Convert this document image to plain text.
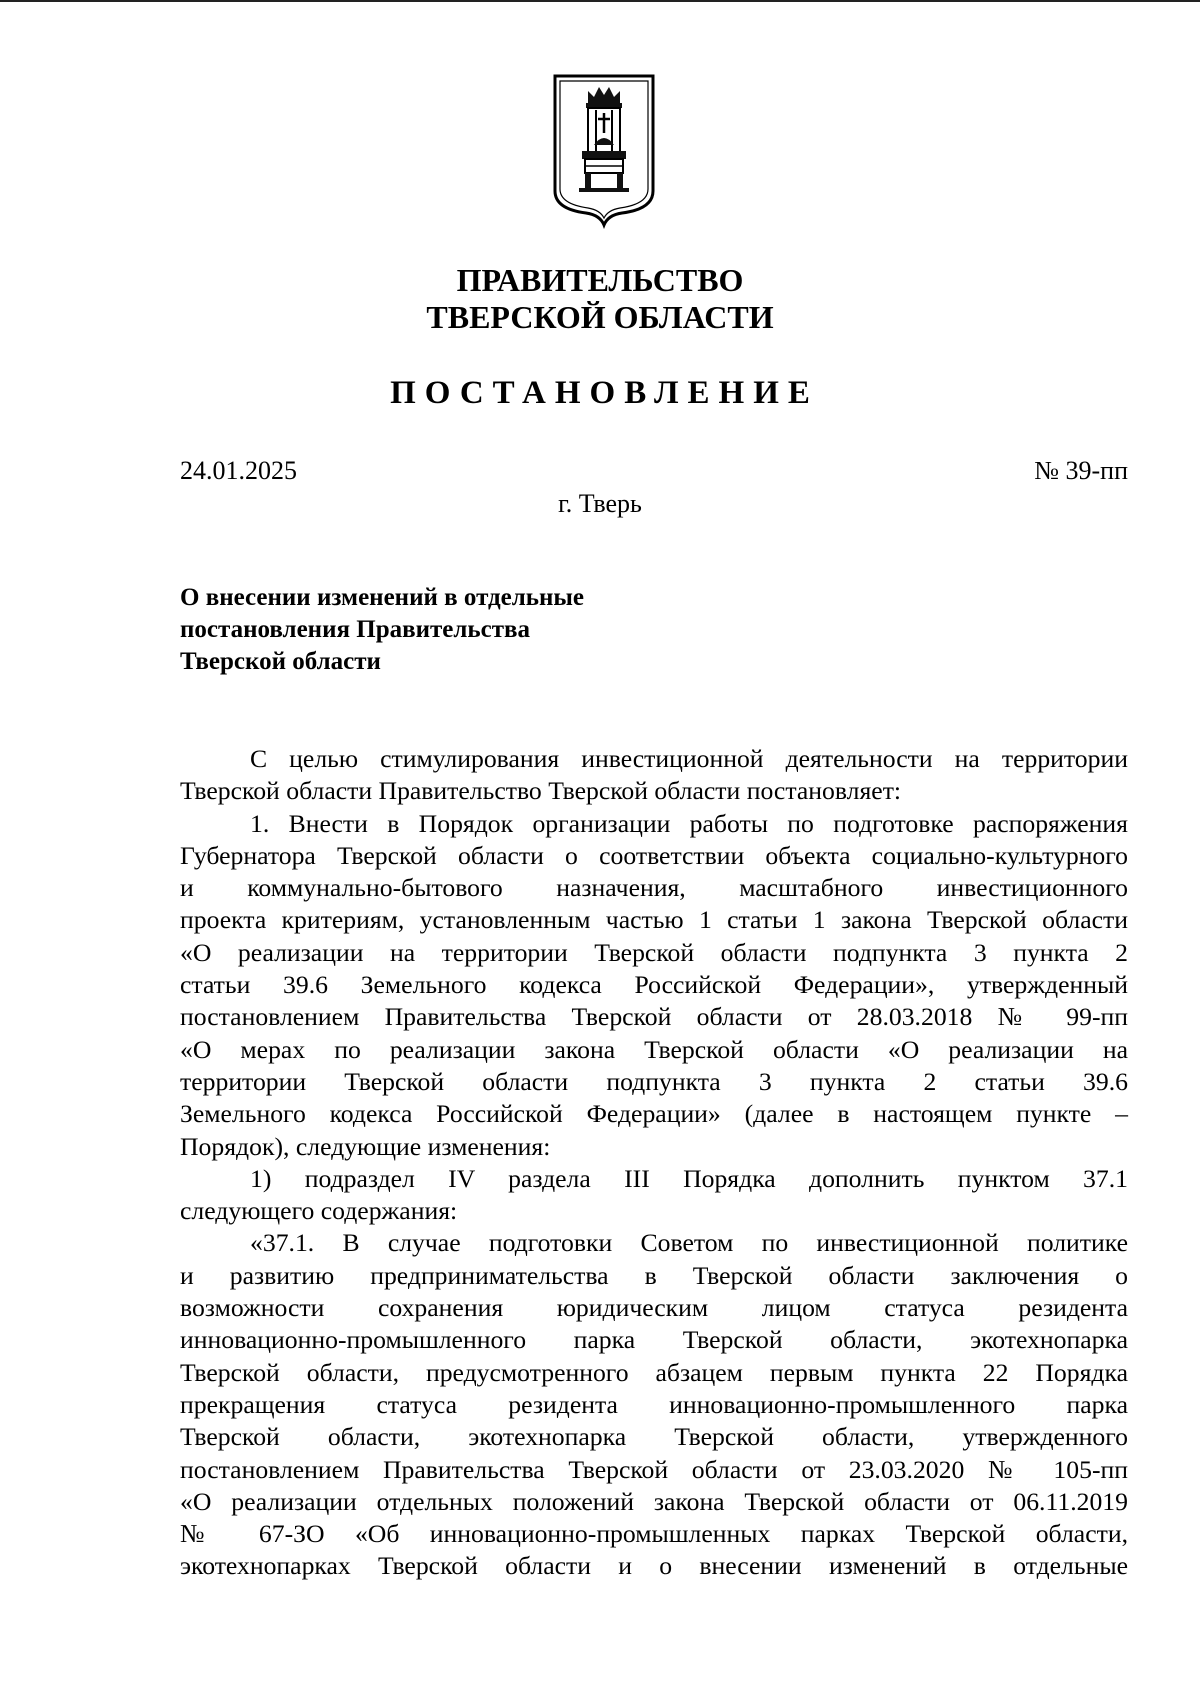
ПРАВИТЕЛЬСТВО
ТВЕРСКОЙ ОБЛАСТИ
ПОСТАНОВЛЕНИЕ
24.01.2025	№ 39-пп
г. Тверь
О внесении изменений в отдельные
постановления Правительства
Тверской области
С целью стимулирования инвестиционной деятельности на территории
Тверской области Правительство Тверской области постановляет:
1. Внести в Порядок организации работы по подготовке распоряжения
Губернатора Тверской области о соответствии объекта социально-культурного
и коммунально-бытового назначения, масштабного инвестиционного
проекта критериям, установленным частью 1 статьи 1 закона Тверской области
«О реализации на территории Тверской области подпункта 3 пункта 2
статьи 39.6 Земельного кодекса Российской Федерации», утвержденный
постановлением Правительства Тверской области от 28.03.2018 № 99-пп
«О мерах по реализации закона Тверской области «О реализации на
территории Тверской области подпункта 3 пункта 2 статьи 39.6
Земельного кодекса Российской Федерации» (далее в настоящем пункте –
Порядок), следующие изменения:
1) подраздел IV раздела III Порядка дополнить пунктом 37.1
следующего содержания:
«37.1. В случае подготовки Советом по инвестиционной политике
и развитию предпринимательства в Тверской области заключения о
возможности сохранения юридическим лицом статуса резидента
инновационно-промышленного парка Тверской области, экотехнопарка
Тверской области, предусмотренного абзацем первым пункта 22 Порядка
прекращения статуса резидента инновационно-промышленного парка
Тверской области, экотехнопарка Тверской области, утвержденного
постановлением Правительства Тверской области от 23.03.2020 № 105-пп
«О реализации отдельных положений закона Тверской области от 06.11.2019
№ 67-ЗО «Об инновационно-промышленных парках Тверской области,
экотехнопарках Тверской области и о внесении изменений в отдельные
